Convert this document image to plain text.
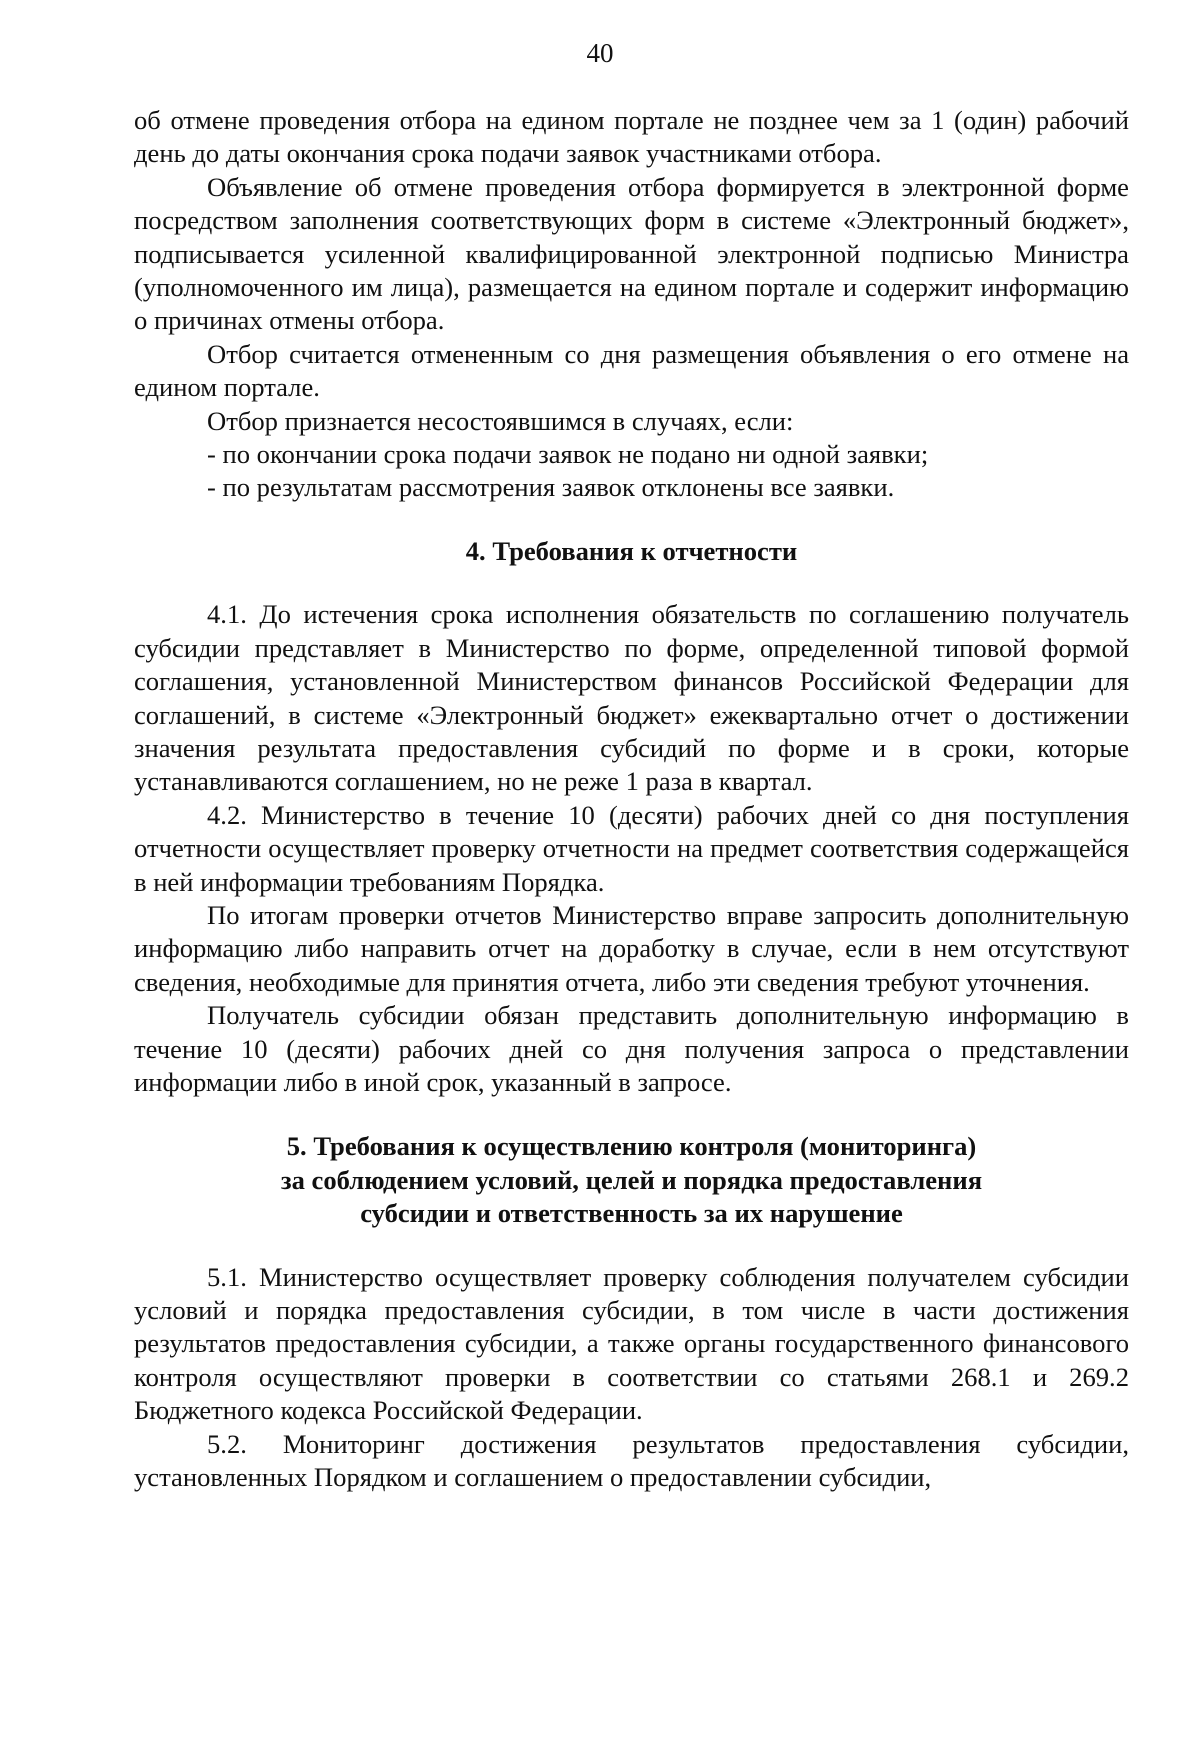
40

об отмене проведения отбора на едином портале не позднее чем за 1 (один) рабочий день до даты окончания срока подачи заявок участниками отбора.

Объявление об отмене проведения отбора формируется в электронной форме посредством заполнения соответствующих форм в системе «Электронный бюджет», подписывается усиленной квалифицированной электронной подписью Министра (уполномоченного им лица), размещается на едином портале и содержит информацию о причинах отмены отбора.

Отбор считается отмененным со дня размещения объявления о его отмене на едином портале.

Отбор признается несостоявшимся в случаях, если:

- по окончании срока подачи заявок не подано ни одной заявки;

- по результатам рассмотрения заявок отклонены все заявки.

4. Требования к отчетности

4.1. До истечения срока исполнения обязательств по соглашению получатель субсидии представляет в Министерство по форме, определенной типовой формой соглашения, установленной Министерством финансов Российской Федерации для соглашений, в системе «Электронный бюджет» ежеквартально отчет о достижении значения результата предоставления субсидий по форме и в сроки, которые устанавливаются соглашением, но не реже 1 раза в квартал.

4.2. Министерство в течение 10 (десяти) рабочих дней со дня поступления отчетности осуществляет проверку отчетности на предмет соответствия содержащейся в ней информации требованиям Порядка.

По итогам проверки отчетов Министерство вправе запросить дополнительную информацию либо направить отчет на доработку в случае, если в нем отсутствуют сведения, необходимые для принятия отчета, либо эти сведения требуют уточнения.

Получатель субсидии обязан представить дополнительную информацию в течение 10 (десяти) рабочих дней со дня получения запроса о представлении информации либо в иной срок, указанный в запросе.

5. Требования к осуществлению контроля (мониторинга)
за соблюдением условий, целей и порядка предоставления
субсидии и ответственность за их нарушение

5.1. Министерство осуществляет проверку соблюдения получателем субсидии условий и порядка предоставления субсидии, в том числе в части достижения результатов предоставления субсидии, а также органы государственного финансового контроля осуществляют проверки в соответствии со статьями 268.1 и 269.2 Бюджетного кодекса Российской Федерации.

5.2. Мониторинг достижения результатов предоставления субсидии, установленных Порядком и соглашением о предоставлении субсидии,
